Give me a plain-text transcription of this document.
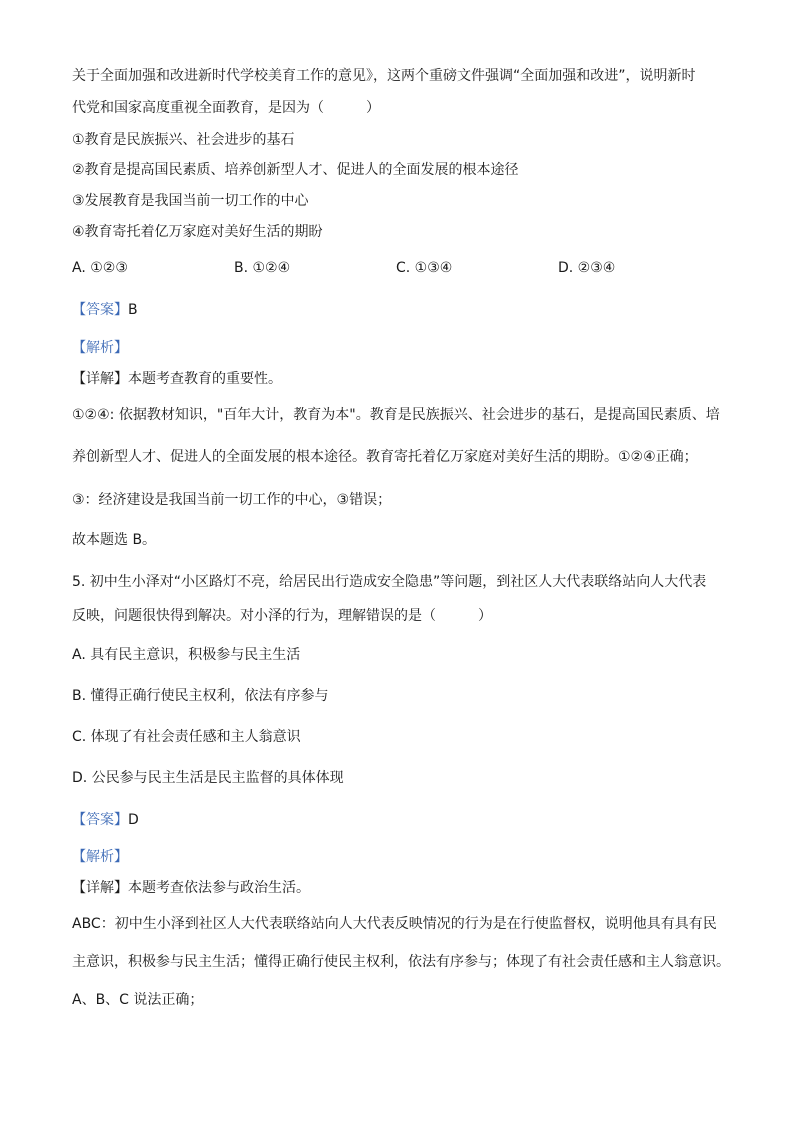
关于全面加强和改进新时代学校美育工作的意见》，这两个重磅文件强调“全面加强和改进”，说明新时
代党和国家高度重视全面教育，是因为（　　　）
①教育是民族振兴、社会进步的基石
②教育是提高国民素质、培养创新型人才、促进人的全面发展的根本途径
③发展教育是我国当前一切工作的中心
④教育寄托着亿万家庭对美好生活的期盼
A. ①②③	B. ①②④	C. ①③④	D. ②③④
【答案】B
【解析】
【详解】本题考查教育的重要性。
①②④: 依据教材知识，"百年大计，教育为本"。教育是民族振兴、社会进步的基石，是提高国民素质、培
养创新型人才、促进人的全面发展的根本途径。教育寄托着亿万家庭对美好生活的期盼。①②④正确；
③：经济建设是我国当前一切工作的中心，③错误；
故本题选 B。
5. 初中生小泽对“小区路灯不亮，给居民出行造成安全隐患”等问题，到社区人大代表联络站向人大代表
反映，问题很快得到解决。对小泽的行为，理解错误的是（　　　）
A. 具有民主意识，积极参与民主生活
B. 懂得正确行使民主权利，依法有序参与
C. 体现了有社会责任感和主人翁意识
D. 公民参与民主生活是民主监督的具体体现
【答案】D
【解析】
【详解】本题考查依法参与政治生活。
ABC：初中生小泽到社区人大代表联络站向人大代表反映情况的行为是在行使监督权，说明他具有具有民
主意识，积极参与民主生活；懂得正确行使民主权利，依法有序参与；体现了有社会责任感和主人翁意识。
A、B、C 说法正确；
